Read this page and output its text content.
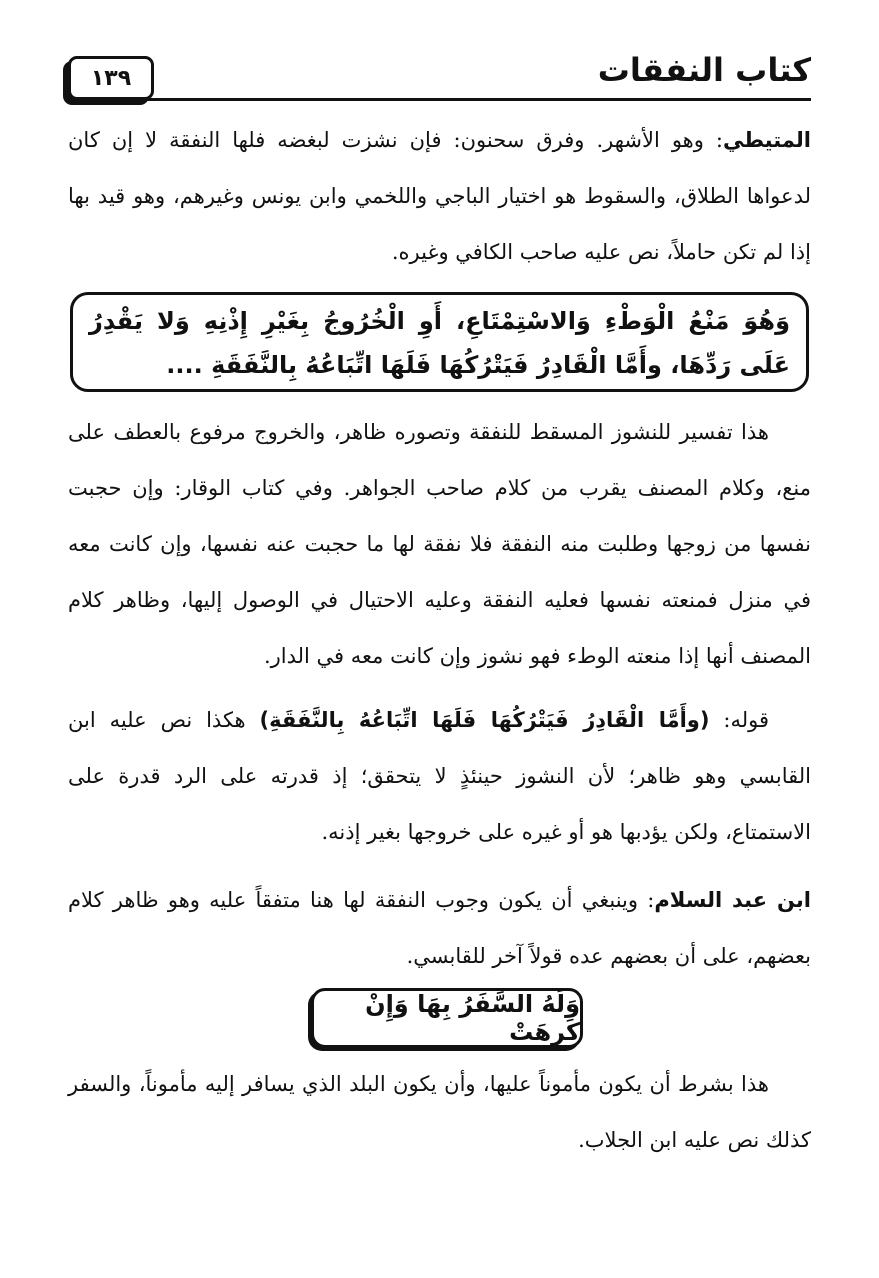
كتاب النفقات
١٣٩
المتيطي: وهو الأشهر. وفرق سحنون: فإن نشزت لبغضه فلها النفقة لا إن كان لدعواها الطلاق، والسقوط هو اختيار الباجي واللخمي وابن يونس وغيرهم، وهو قيد بها إذا لم تكن حاملاً، نص عليه صاحب الكافي وغيره.
وَهُوَ مَنْعُ الْوَطْءِ وَالاسْتِمْتَاعِ، أَوِ الْخُرُوجُ بِغَيْرِ إِذْنِهِ وَلا يَقْدِرُ عَلَى رَدِّهَا، وأَمَّا الْقَادِرُ فَيَتْرُكُهَا فَلَهَا اتِّبَاعُهُ بِالنَّفَقَةِ ....
هذا تفسير للنشوز المسقط للنفقة وتصوره ظاهر، والخروج مرفوع بالعطف على منع، وكلام المصنف يقرب من كلام صاحب الجواهر. وفي كتاب الوقار: وإن حجبت نفسها من زوجها وطلبت منه النفقة فلا نفقة لها ما حجبت عنه نفسها، وإن كانت معه في منزل فمنعته نفسها فعليه النفقة وعليه الاحتيال في الوصول إليها، وظاهر كلام المصنف أنها إذا منعته الوطء فهو نشوز وإن كانت معه في الدار.
قوله: (وأَمَّا الْقَادِرُ فَيَتْرُكُهَا فَلَهَا اتِّبَاعُهُ بِالنَّفَقَةِ) هكذا نص عليه ابن القابسي وهو ظاهر؛ لأن النشوز حينئذٍ لا يتحقق؛ إذ قدرته على الرد قدرة على الاستمتاع، ولكن يؤدبها هو أو غيره على خروجها بغير إذنه.
ابن عبد السلام: وينبغي أن يكون وجوب النفقة لها هنا متفقاً عليه وهو ظاهر كلام بعضهم، على أن بعضهم عده قولاً آخر للقابسي.
وَلَهُ السَّفَرُ بِهَا وَإِنْ كَرِهَتْ
هذا بشرط أن يكون مأموناً عليها، وأن يكون البلد الذي يسافر إليه مأموناً، والسفر كذلك نص عليه ابن الجلاب.
